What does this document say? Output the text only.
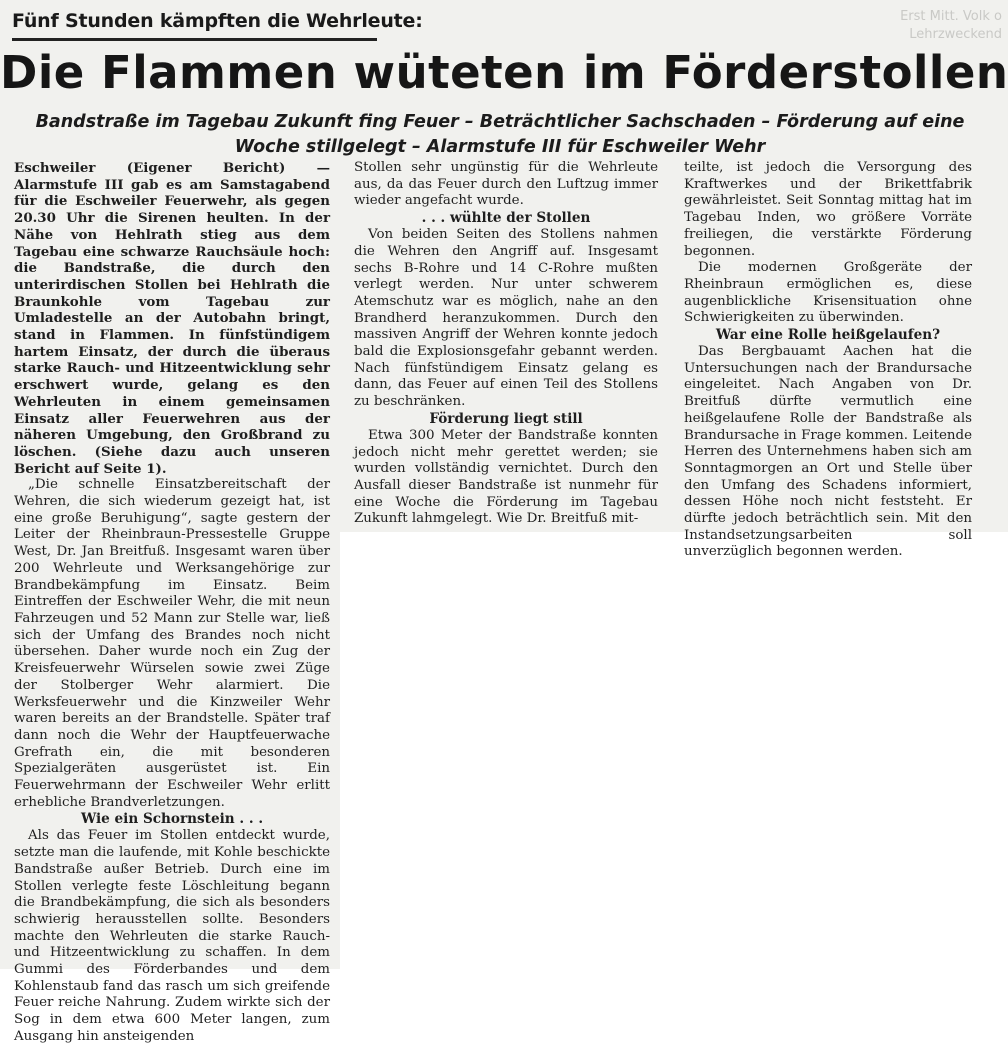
Erst Mitt. Volk o Lehrzweckend
Fünf Stunden kämpften die Wehrleute:
Die Flammen wüteten im Förderstollen
Bandstraße im Tagebau Zukunft fing Feuer – Beträchtlicher Sachschaden – Förderung auf eine Woche stillgelegt – Alarmstufe III für Eschweiler Wehr

Eschweiler (Eigener Bericht) — Alarmstufe III gab es am Samstagabend für die Eschweiler Feuerwehr, als gegen 20.30 Uhr die Sirenen heulten. In der Nähe von Hehlrath stieg aus dem Tagebau eine schwarze Rauchsäule hoch: die Bandstraße, die durch den unterirdischen Stollen bei Hehlrath die Braunkohle vom Tagebau zur Umladestelle an der Autobahn bringt, stand in Flammen. In fünfstündigem hartem Einsatz, der durch die überaus starke Rauch- und Hitzeentwicklung sehr erschwert wurde, gelang es den Wehrleuten in einem gemeinsamen Einsatz aller Feuerwehren aus der näheren Umgebung, den Großbrand zu löschen. (Siehe dazu auch unseren Bericht auf Seite 1).

„Die schnelle Einsatzbereitschaft der Wehren, die sich wiederum gezeigt hat, ist eine große Beruhigung“, sagte gestern der Leiter der Rheinbraun-Pressestelle Gruppe West, Dr. Jan Breitfuß. Insgesamt waren über 200 Wehrleute und Werksangehörige zur Brandbekämpfung im Einsatz. Beim Eintreffen der Eschweiler Wehr, die mit neun Fahrzeugen und 52 Mann zur Stelle war, ließ sich der Umfang des Brandes noch nicht übersehen. Daher wurde noch ein Zug der Kreisfeuerwehr Würselen sowie zwei Züge der Stolberger Wehr alarmiert. Die Werksfeuerwehr und die Kinzweiler Wehr waren bereits an der Brandstelle. Später traf dann noch die Wehr der Hauptfeuerwache Grefrath ein, die mit besonderen Spezialgeräten ausgerüstet ist. Ein Feuerwehrmann der Eschweiler Wehr erlitt erhebliche Brandverletzungen.

Wie ein Schornstein . . .

Als das Feuer im Stollen entdeckt wurde, setzte man die laufende, mit Kohle beschickte Bandstraße außer Betrieb. Durch eine im Stollen verlegte feste Löschleitung begann die Brandbekämpfung, die sich als besonders schwierig herausstellen sollte. Besonders machte den Wehrleuten die starke Rauch- und Hitzeentwicklung zu schaffen. In dem Gummi des Förderbandes und dem Kohlenstaub fand das rasch um sich greifende Feuer reiche Nahrung. Zudem wirkte sich der Sog in dem etwa 600 Meter langen, zum Ausgang hin ansteigenden

Stollen sehr ungünstig für die Wehrleute aus, da das Feuer durch den Luftzug immer wieder angefacht wurde.

. . . wühlte der Stollen

Von beiden Seiten des Stollens nahmen die Wehren den Angriff auf. Insgesamt sechs B-Rohre und 14 C-Rohre mußten verlegt werden. Nur unter schwerem Atemschutz war es möglich, nahe an den Brandherd heranzukommen. Durch den massiven Angriff der Wehren konnte jedoch bald die Explosionsgefahr gebannt werden. Nach fünfstündigem Einsatz gelang es dann, das Feuer auf einen Teil des Stollens zu beschränken.

Förderung liegt still

Etwa 300 Meter der Bandstraße konnten jedoch nicht mehr gerettet werden; sie wurden vollständig vernichtet. Durch den Ausfall dieser Bandstraße ist nunmehr für eine Woche die Förderung im Tagebau Zukunft lahmgelegt. Wie Dr. Breitfuß mit-

teilte, ist jedoch die Versorgung des Kraftwerkes und der Brikettfabrik gewährleistet. Seit Sonntag mittag hat im Tagebau Inden, wo größere Vorräte freiliegen, die verstärkte Förderung begonnen.

Die modernen Großgeräte der Rheinbraun ermöglichen es, diese augenblickliche Krisensituation ohne Schwierigkeiten zu überwinden.

War eine Rolle heißgelaufen?

Das Bergbauamt Aachen hat die Untersuchungen nach der Brandursache eingeleitet. Nach Angaben von Dr. Breitfuß dürfte vermutlich eine heißgelaufene Rolle der Bandstraße als Brandursache in Frage kommen. Leitende Herren des Unternehmens haben sich am Sonntagmorgen an Ort und Stelle über den Umfang des Schadens informiert, dessen Höhe noch nicht feststeht. Er dürfte jedoch beträchtlich sein. Mit den Instandsetzungsarbeiten soll unverzüglich begonnen werden.
